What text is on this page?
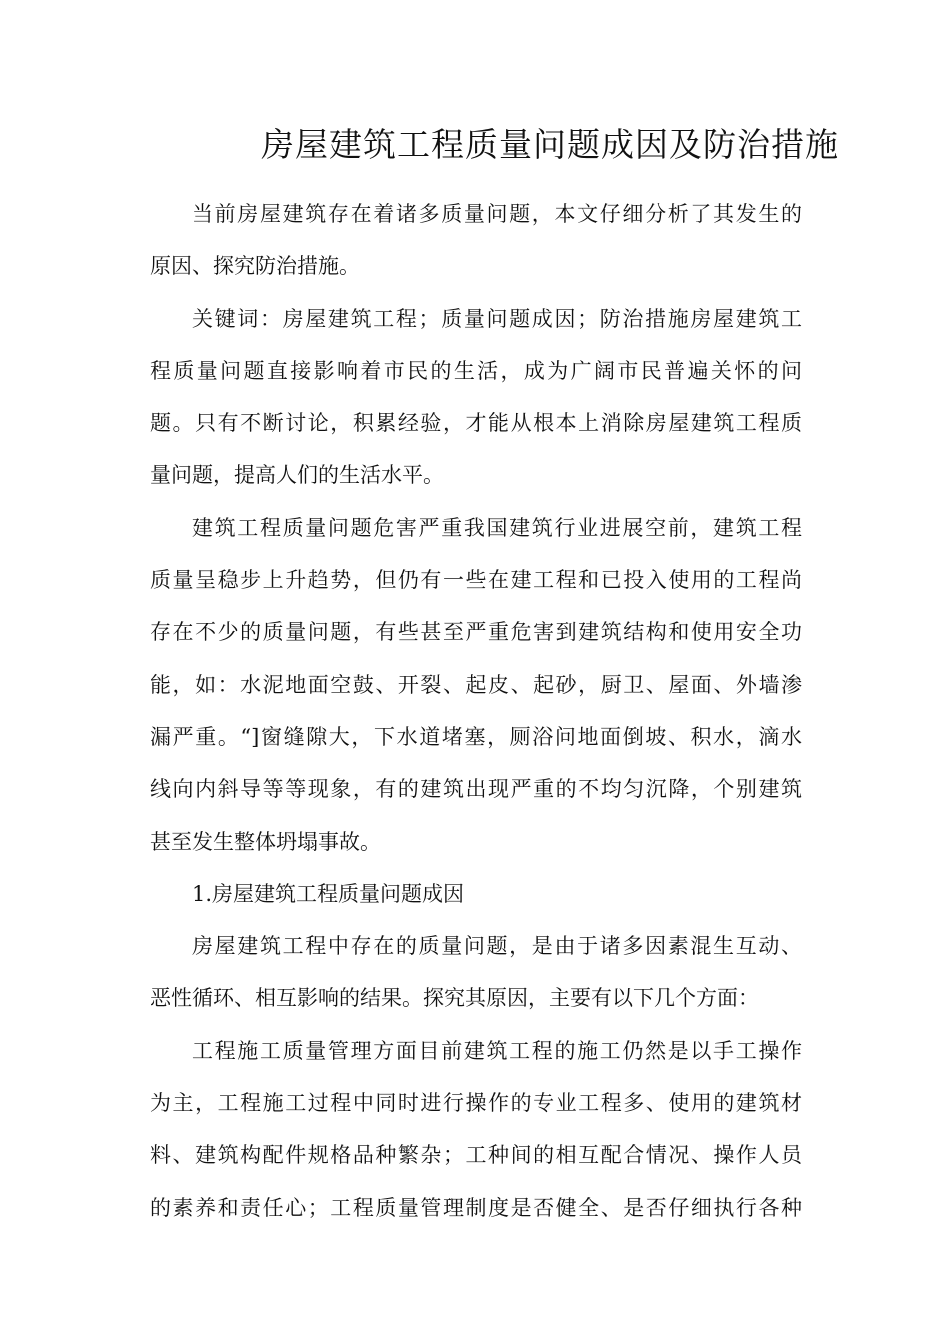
房屋建筑工程质量问题成因及防治措施

当前房屋建筑存在着诸多质量问题，本文仔细分析了其发生的
原因、探究防治措施。

关键词：房屋建筑工程；质量问题成因；防治措施房屋建筑工
程质量问题直接影响着市民的生活，成为广阔市民普遍关怀的问
题。只有不断讨论，积累经验，才能从根本上消除房屋建筑工程质
量问题，提高人们的生活水平。

建筑工程质量问题危害严重我国建筑行业进展空前，建筑工程
质量呈稳步上升趋势，但仍有一些在建工程和已投入使用的工程尚
存在不少的质量问题，有些甚至严重危害到建筑结构和使用安全功
能，如：水泥地面空鼓、开裂、起皮、起砂，厨卫、屋面、外墙渗
漏严重。“]窗缝隙大，下水道堵塞，厕浴问地面倒坡、积水，滴水
线向内斜导等等现象，有的建筑出现严重的不均匀沉降，个别建筑
甚至发生整体坍塌事故。

1.房屋建筑工程质量问题成因

房屋建筑工程中存在的质量问题，是由于诸多因素混生互动、
恶性循环、相互影响的结果。探究其原因，主要有以下几个方面：

工程施工质量管理方面目前建筑工程的施工仍然是以手工操作
为主，工程施工过程中同时进行操作的专业工程多、使用的建筑材
料、建筑构配件规格品种繁杂；工种间的相互配合情况、操作人员
的素养和责任心；工程质量管理制度是否健全、是否仔细执行各种
